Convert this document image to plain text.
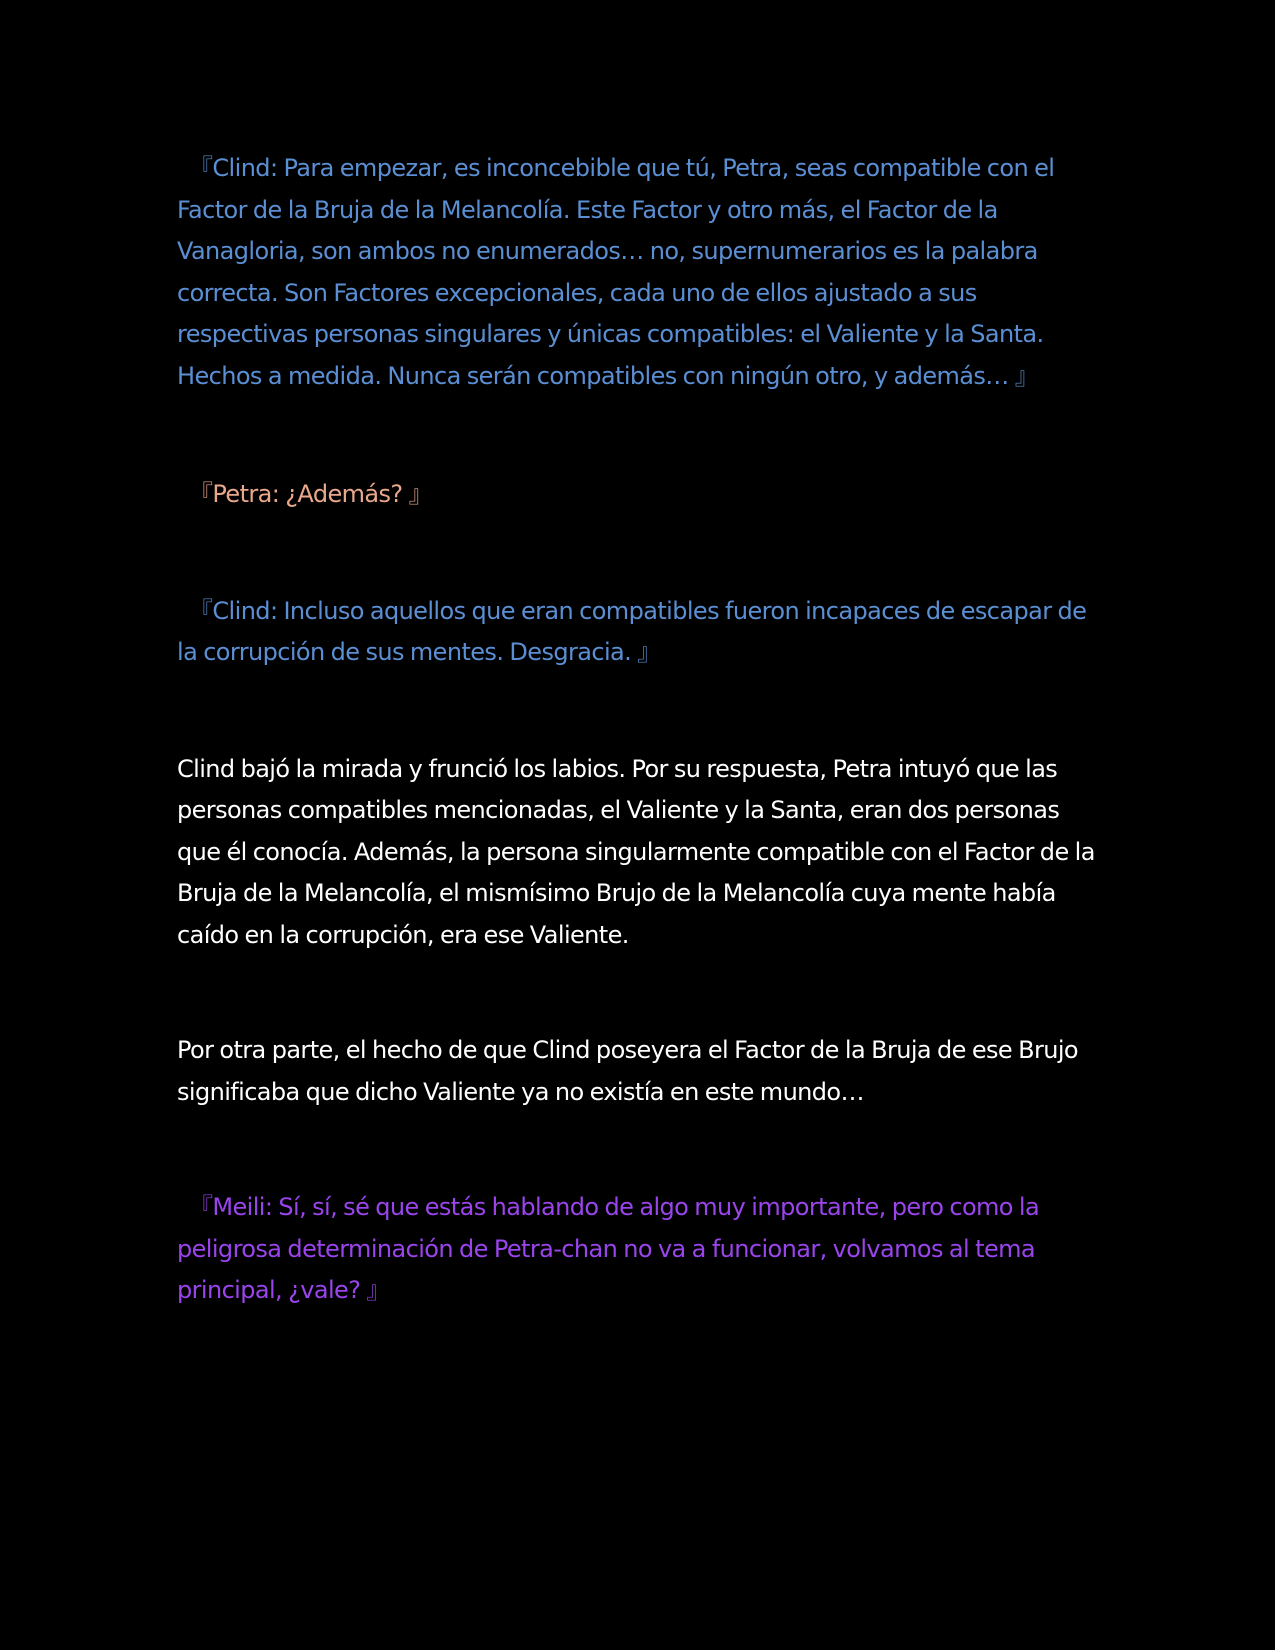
『Clind: Para empezar, es inconcebible que tú, Petra, seas compatible con el Factor de la Bruja de la Melancolía. Este Factor y otro más, el Factor de la Vanagloria, son ambos no enumerados… no, supernumerarios es la palabra correcta. Son Factores excepcionales, cada uno de ellos ajustado a sus respectivas personas singulares y únicas compatibles: el Valiente y la Santa. Hechos a medida. Nunca serán compatibles con ningún otro, y además… 』

『Petra: ¿Además? 』

『Clind: Incluso aquellos que eran compatibles fueron incapaces de escapar de la corrupción de sus mentes. Desgracia. 』

Clind bajó la mirada y frunció los labios. Por su respuesta, Petra intuyó que las personas compatibles mencionadas, el Valiente y la Santa, eran dos personas que él conocía. Además, la persona singularmente compatible con el Factor de la Bruja de la Melancolía, el mismísimo Brujo de la Melancolía cuya mente había caído en la corrupción, era ese Valiente.

Por otra parte, el hecho de que Clind poseyera el Factor de la Bruja de ese Brujo significaba que dicho Valiente ya no existía en este mundo…

『Meili: Sí, sí, sé que estás hablando de algo muy importante, pero como la peligrosa determinación de Petra-chan no va a funcionar, volvamos al tema principal, ¿vale? 』
